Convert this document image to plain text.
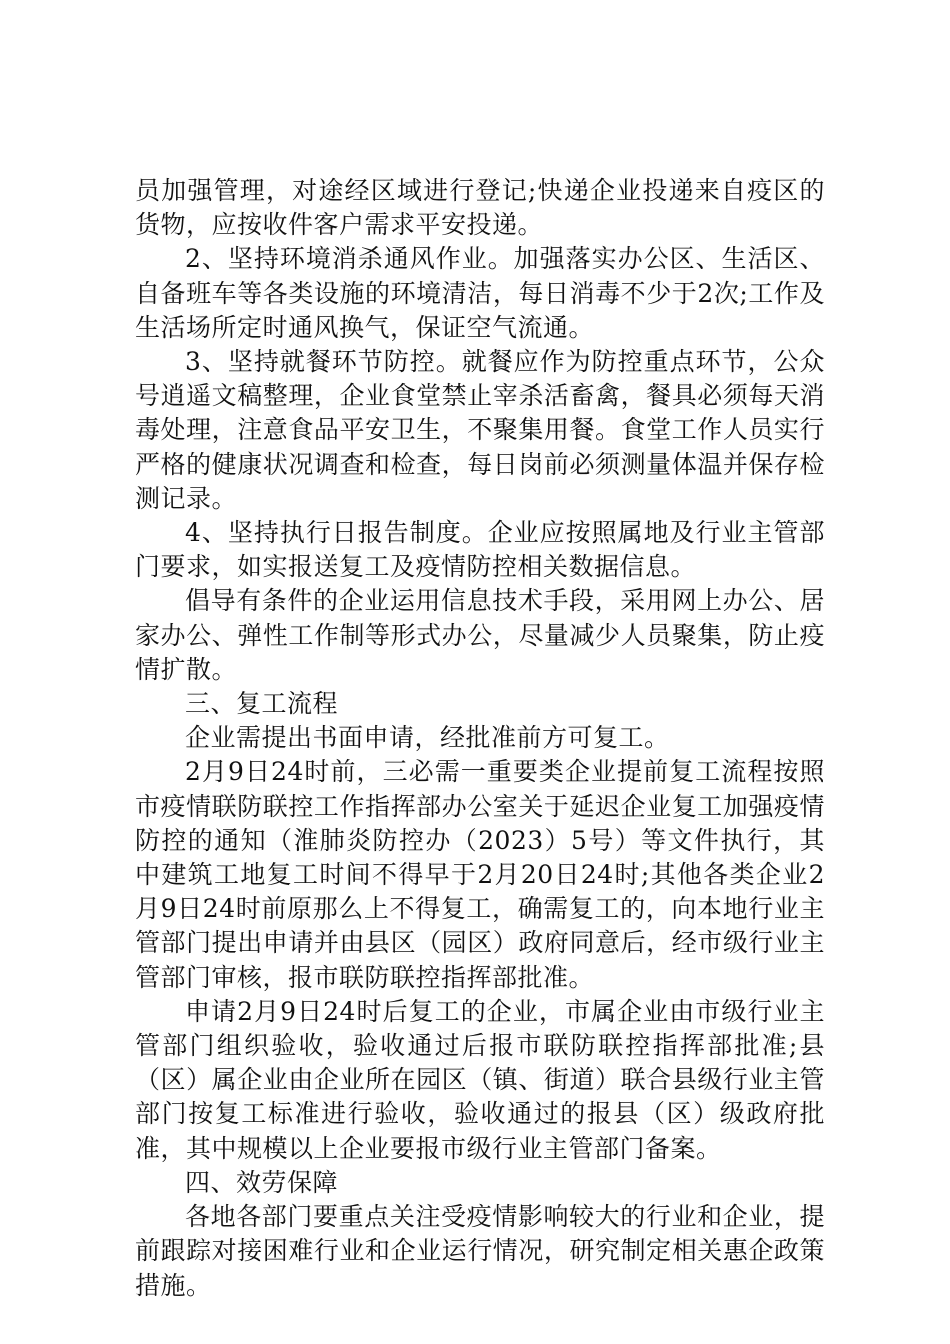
员加强管理，对途经区域进行登记;快递企业投递来自疫区的货物，应按收件客户需求平安投递。

2、坚持环境消杀通风作业。加强落实办公区、生活区、自备班车等各类设施的环境清洁，每日消毒不少于2次;工作及生活场所定时通风换气，保证空气流通。

3、坚持就餐环节防控。就餐应作为防控重点环节，公众号逍遥文稿整理，企业食堂禁止宰杀活畜禽，餐具必须每天消毒处理，注意食品平安卫生，不聚集用餐。食堂工作人员实行严格的健康状况调查和检查，每日岗前必须测量体温并保存检测记录。

4、坚持执行日报告制度。企业应按照属地及行业主管部门要求，如实报送复工及疫情防控相关数据信息。

倡导有条件的企业运用信息技术手段，采用网上办公、居家办公、弹性工作制等形式办公，尽量减少人员聚集，防止疫情扩散。

三、复工流程

企业需提出书面申请，经批准前方可复工。

2月9日24时前，三必需一重要类企业提前复工流程按照市疫情联防联控工作指挥部办公室关于延迟企业复工加强疫情防控的通知（淮肺炎防控办（2023）5号）等文件执行，其中建筑工地复工时间不得早于2月20日24时;其他各类企业2月9日24时前原那么上不得复工，确需复工的，向本地行业主管部门提出申请并由县区（园区）政府同意后，经市级行业主管部门审核，报市联防联控指挥部批准。

申请2月9日24时后复工的企业，市属企业由市级行业主管部门组织验收，验收通过后报市联防联控指挥部批准;县（区）属企业由企业所在园区（镇、街道）联合县级行业主管部门按复工标准进行验收，验收通过的报县（区）级政府批准，其中规模以上企业要报市级行业主管部门备案。

四、效劳保障

各地各部门要重点关注受疫情影响较大的行业和企业，提前跟踪对接困难行业和企业运行情况，研究制定相关惠企政策措施。
